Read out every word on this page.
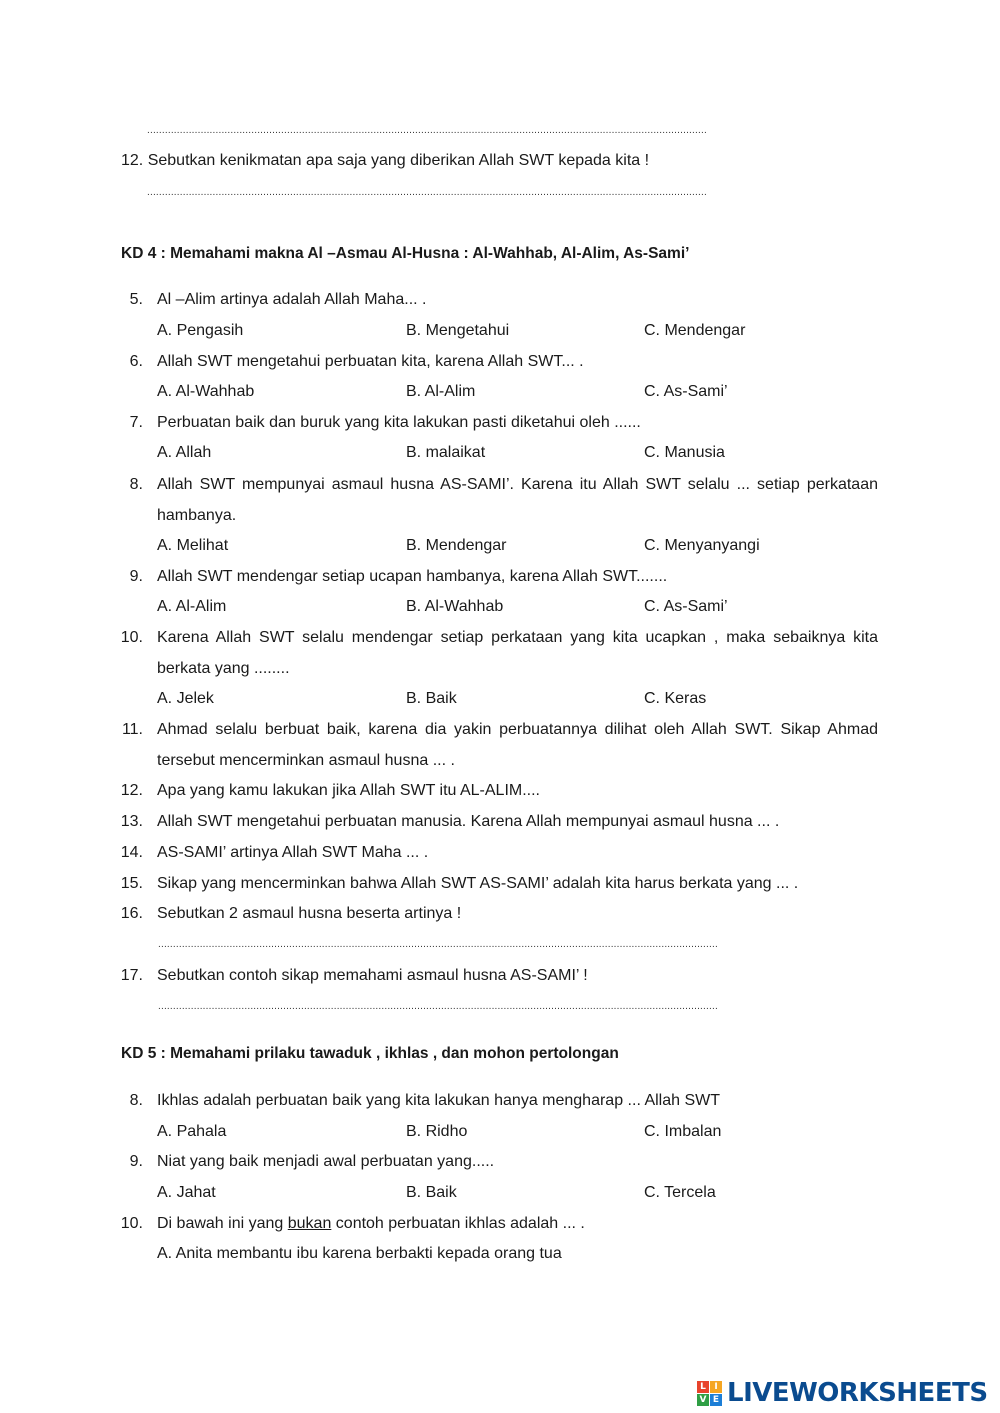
............................................................................................................................................................................................
12. Sebutkan kenikmatan apa saja yang diberikan Allah SWT kepada kita !
............................................................................................................................................................................................
KD 4 : Memahami makna Al –Asmau Al-Husna : Al-Wahhab, Al-Alim, As-Sami’
5. Al –Alim artinya adalah Allah Maha... .
A. Pengasih	B. Mengetahui	C. Mendengar
6. Allah SWT mengetahui perbuatan kita, karena Allah SWT... .
A. Al-Wahhab	B. Al-Alim	C. As-Sami’
7. Perbuatan baik dan buruk yang kita lakukan pasti diketahui oleh ......
A. Allah	B. malaikat	C. Manusia
8. Allah SWT mempunyai asmaul husna AS-SAMI’. Karena itu Allah SWT selalu ... setiap perkataan
hambanya.
A. Melihat	B. Mendengar	C. Menyanyangi
9. Allah SWT mendengar setiap ucapan hambanya, karena Allah SWT.......
A. Al-Alim	B. Al-Wahhab	C. As-Sami’
10. Karena Allah SWT selalu mendengar setiap perkataan yang kita ucapkan , maka sebaiknya kita
berkata yang ........
A. Jelek	B. Baik	C. Keras
11. Ahmad selalu berbuat baik, karena dia yakin perbuatannya dilihat oleh Allah SWT. Sikap Ahmad
tersebut mencerminkan asmaul husna ... .
12. Apa yang kamu lakukan jika Allah SWT itu AL-ALIM....
13. Allah SWT mengetahui perbuatan manusia. Karena Allah mempunyai asmaul husna ... .
14. AS-SAMI’ artinya Allah SWT Maha ... .
15. Sikap yang mencerminkan bahwa Allah SWT AS-SAMI’ adalah kita harus berkata yang ... .
16. Sebutkan 2 asmaul husna beserta artinya !
............................................................................................................................................................................................
17. Sebutkan contoh sikap memahami asmaul husna AS-SAMI’ !
............................................................................................................................................................................................
KD 5 : Memahami prilaku tawaduk , ikhlas , dan mohon pertolongan
8. Ikhlas adalah perbuatan baik yang kita lakukan hanya mengharap ... Allah SWT
A. Pahala	B. Ridho	C. Imbalan
9. Niat yang baik menjadi awal perbuatan yang.....
A. Jahat	B. Baik	C. Tercela
10. Di bawah ini yang bukan contoh perbuatan ikhlas adalah ... .
A. Anita membantu ibu karena berbakti kepada orang tua
L I
V E LIVEWORKSHEETS
